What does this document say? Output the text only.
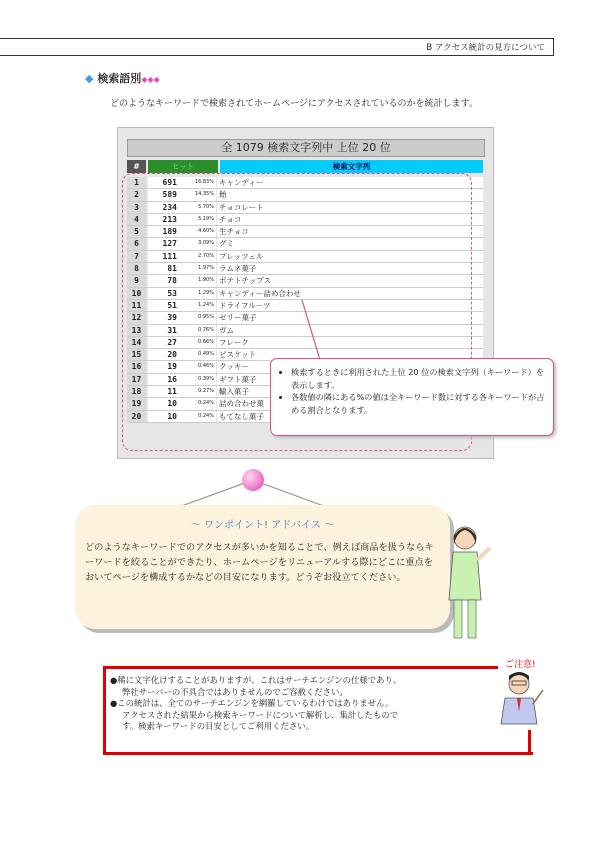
B アクセス統計の見方について
◆ 検索語別◆◆◆
どのようなキーワードで検索されてホームページにアクセスされているのかを統計します。
全 1079 検索文字列中 上位 20 位
#	ヒット	検索文字列
1	691	16.83% キャンディー
2	589	14.35% 飴
3	234	5.70% チョコレート
4	213	5.19% チョコ
5	189	4.60% 生チョコ
6	127	3.09% グミ
7	111	2.70% プレッツェル
8	81	1.97% ラムネ菓子
9	78	1.90% ポテトチップス
10	53	1.29% キャンディー詰め合わせ
11	51	1.24% ドライフルーツ
12	39	0.95% ゼリー菓子
13	31	0.76% ガム
14	27	0.66% フレーク
15	20	0.49% ビスケット
16	19	0.46% クッキー
17	16	0.39% ギフト菓子
18	11	0.27% 輸入菓子
19	10	0.24% 詰め合わせ菓
20	10	0.24% もてなし菓子
• 検索するときに利用された上位 20 位の検索文字列（キーワード）を表示します。
• 各数値の隣にある%の値は全キーワード数に対する各キーワードが占める割合となります。
～ ワンポイント! アドバイス ～
どのようなキーワードでのアクセスが多いかを知ることで、例えば商品を扱うならキーワードを絞ることができたり、ホームページをリニューアルする際にどこに重点をおいてページを構成するかなどの目安になります。どうぞお役立てください。
ご注意!

●稀に文字化けすることがありますが、これはサーチエンジンの仕様であり、

弊社サーバーの不具合ではありませんのでご容赦ください。

●この統計は、全てのサーチエンジンを網羅しているわけではありません。

アクセスされた結果から検索キーワードについて解析し、集計したもので

す。検索キーワードの目安としてご利用ください。
